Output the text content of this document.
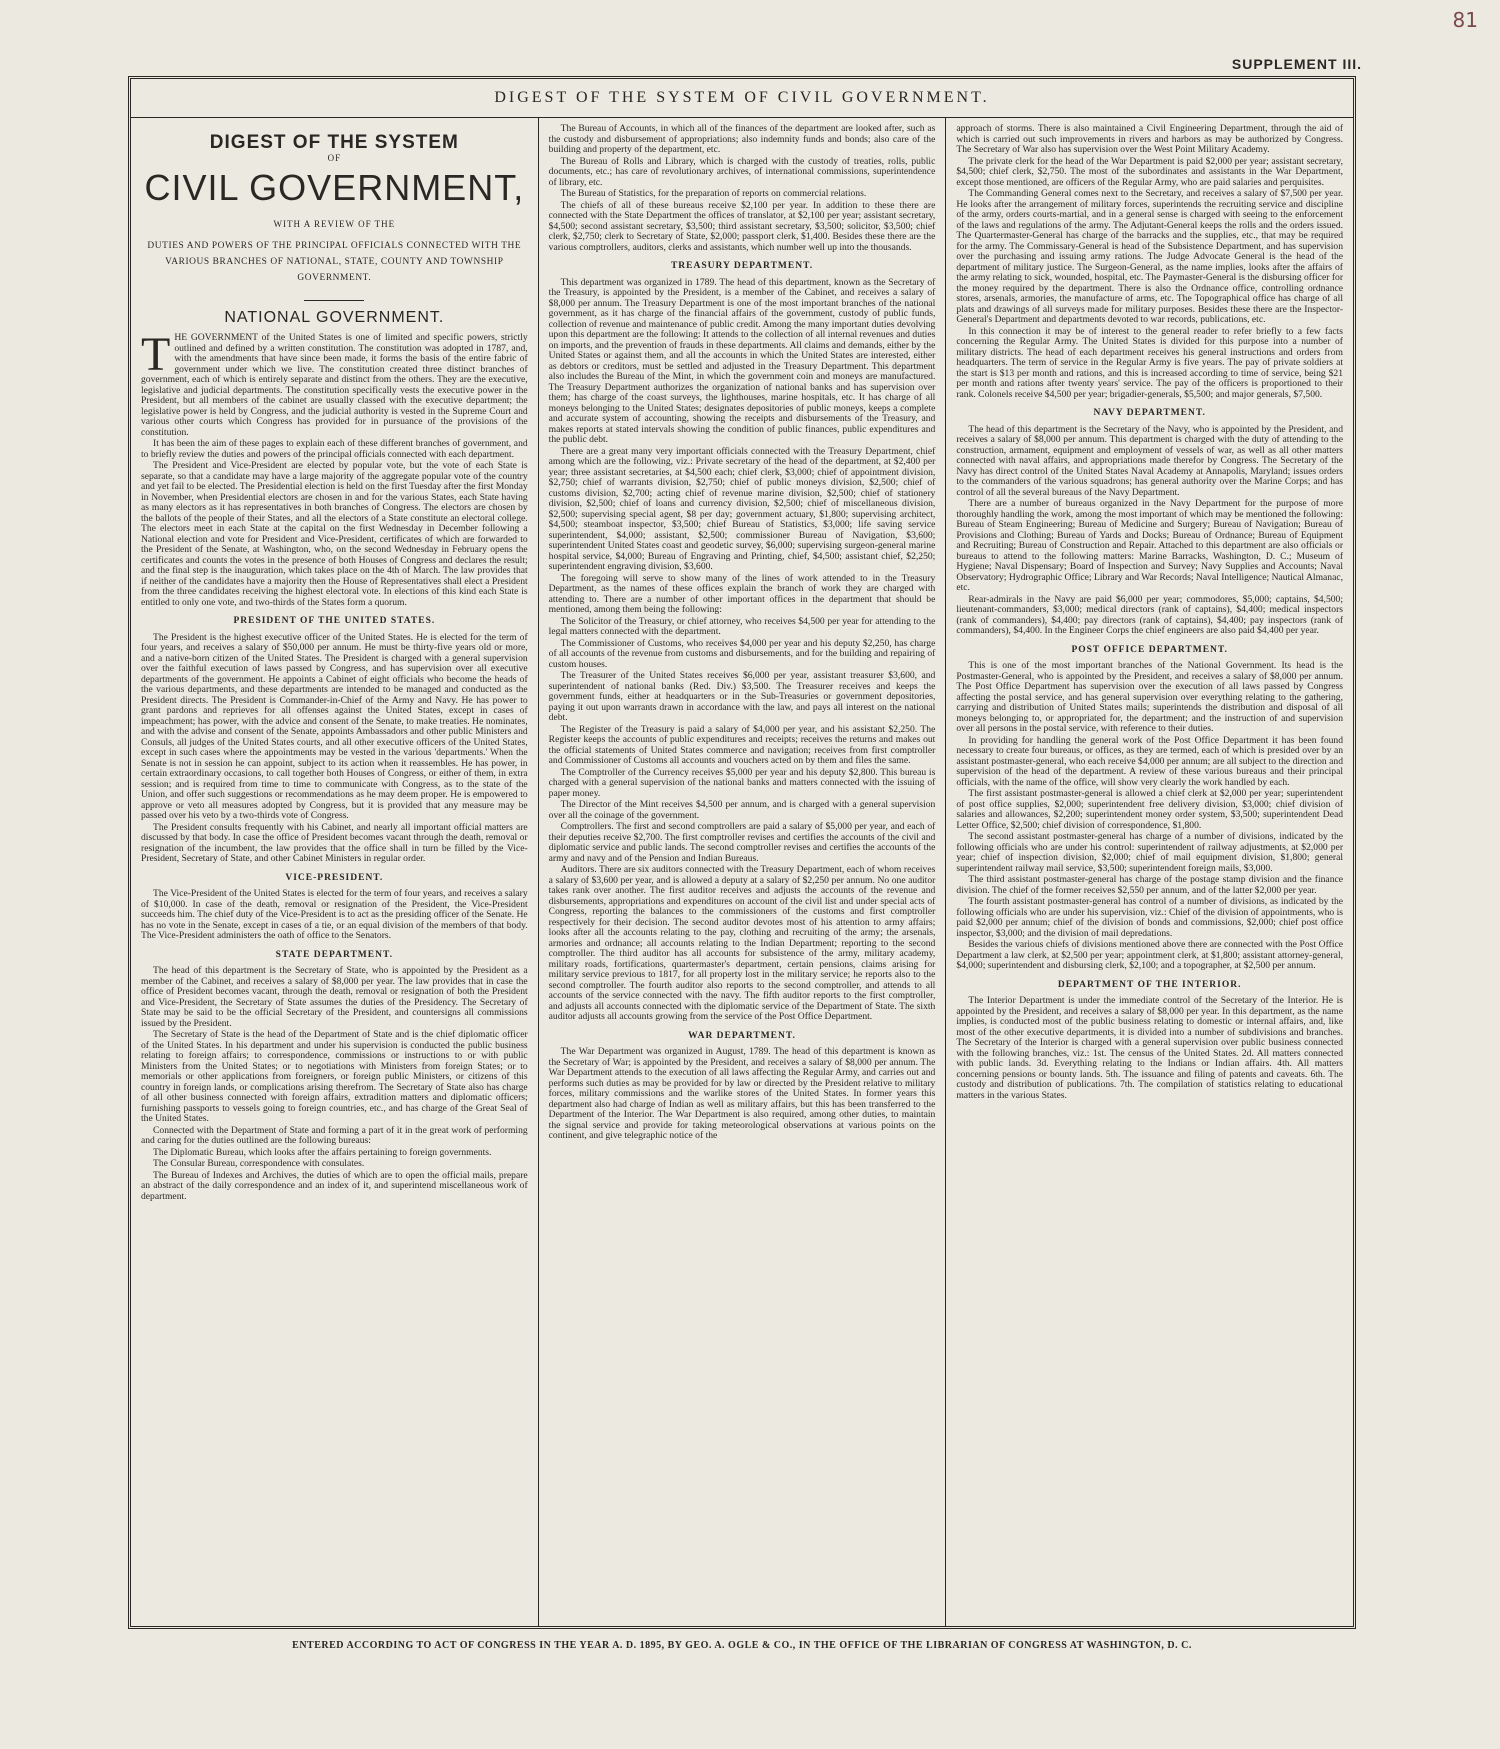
81
SUPPLEMENT III.
DIGEST OF THE SYSTEM OF CIVIL GOVERNMENT.
DIGEST OF THE SYSTEM
OF
CIVIL GOVERNMENT,
WITH A REVIEW OF THE
DUTIES AND POWERS OF THE PRINCIPAL OFFICIALS CONNECTED WITH THE VARIOUS BRANCHES OF NATIONAL, STATE, COUNTY AND TOWNSHIP GOVERNMENT.
NATIONAL GOVERNMENT.

THE GOVERNMENT of the United States is one of limited and specific powers, strictly outlined and defined by a written constitution. The constitution was adopted in 1787, and, with the amendments that have since been made, it forms the basis of the entire fabric of government under which we live. The constitution created three distinct branches of government, each of which is entirely separate and distinct from the others. They are the executive, legislative and judicial departments. The constitution specifically vests the executive power in the President, but all members of the cabinet are usually classed with the executive department; the legislative power is held by Congress, and the judicial authority is vested in the Supreme Court and various other courts which Congress has provided for in pursuance of the provisions of the constitution.

It has been the aim of these pages to explain each of these different branches of government, and to briefly review the duties and powers of the principal officials connected with each department.

The President and Vice-President are elected by popular vote, but the vote of each State is separate, so that a candidate may have a large majority of the aggregate popular vote of the country and yet fail to be elected. The Presidential election is held on the first Tuesday after the first Monday in November, when Presidential electors are chosen in and for the various States, each State having as many electors as it has representatives in both branches of Congress. The electors are chosen by the ballots of the people of their States, and all the electors of a State constitute an electoral college. The electors meet in each State at the capital on the first Wednesday in December following a National election and vote for President and Vice-President, certificates of which are forwarded to the President of the Senate, at Washington, who, on the second Wednesday in February opens the certificates and counts the votes in the presence of both Houses of Congress and declares the result; and the final step is the inauguration, which takes place on the 4th of March. The law provides that if neither of the candidates have a majority then the House of Representatives shall elect a President from the three candidates receiving the highest electoral vote. In elections of this kind each State is entitled to only one vote, and two-thirds of the States form a quorum.

PRESIDENT OF THE UNITED STATES.

The President is the highest executive officer of the United States. He is elected for the term of four years, and receives a salary of $50,000 per annum. He must be thirty-five years old or more, and a native-born citizen of the United States. The President is charged with a general supervision over the faithful execution of laws passed by Congress, and has supervision over all executive departments of the government. He appoints a Cabinet of eight officials who become the heads of the various departments, and these departments are intended to be managed and conducted as the President directs. The President is Commander-in-Chief of the Army and Navy. He has power to grant pardons and reprieves for all offenses against the United States, except in cases of impeachment; has power, with the advice and consent of the Senate, to make treaties. He nominates, and with the advise and consent of the Senate, appoints Ambassadors and other public Ministers and Consuls, all judges of the United States courts, and all other executive officers of the United States, except in such cases where the appointments may be vested in the various 'departments.' When the Senate is not in session he can appoint, subject to its action when it reassembles. He has power, in certain extraordinary occasions, to call together both Houses of Congress, or either of them, in extra session; and is required from time to time to communicate with Congress, as to the state of the Union, and offer such suggestions or recommendations as he may deem proper. He is empowered to approve or veto all measures adopted by Congress, but it is provided that any measure may be passed over his veto by a two-thirds vote of Congress.

The President consults frequently with his Cabinet, and nearly all important official matters are discussed by that body. In case the office of President becomes vacant through the death, removal or resignation of the incumbent, the law provides that the office shall in turn be filled by the Vice-President, Secretary of State, and other Cabinet Ministers in regular order.

VICE-PRESIDENT.

The Vice-President of the United States is elected for the term of four years, and receives a salary of $10,000. In case of the death, removal or resignation of the President, the Vice-President succeeds him. The chief duty of the Vice-President is to act as the presiding officer of the Senate. He has no vote in the Senate, except in cases of a tie, or an equal division of the members of that body. The Vice-President administers the oath of office to the Senators.

STATE DEPARTMENT.

The head of this department is the Secretary of State, who is appointed by the President as a member of the Cabinet, and receives a salary of $8,000 per year. The law provides that in case the office of President becomes vacant, through the death, removal or resignation of both the President and Vice-President, the Secretary of State assumes the duties of the Presidency. The Secretary of State may be said to be the official Secretary of the President, and countersigns all commissions issued by the President.

The Secretary of State is the head of the Department of State and is the chief diplomatic officer of the United States. In his department and under his supervision is conducted the public business relating to foreign affairs; to correspondence, commissions or instructions to or with public Ministers from the United States; or to negotiations with Ministers from foreign States; or to memorials or other applications from foreigners, or foreign public Ministers, or citizens of this country in foreign lands, or complications arising therefrom. The Secretary of State also has charge of all other business connected with foreign affairs, extradition matters and diplomatic officers; furnishing passports to vessels going to foreign countries, etc., and has charge of the Great Seal of the United States.

Connected with the Department of State and forming a part of it in the great work of performing and caring for the duties outlined are the following bureaus:

The Diplomatic Bureau, which looks after the affairs pertaining to foreign governments.

The Consular Bureau, correspondence with consulates.

The Bureau of Indexes and Archives, the duties of which are to open the official mails, prepare an abstract of the daily correspondence and an index of it, and superintend miscellaneous work of department.

The Bureau of Accounts, in which all of the finances of the department are looked after, such as the custody and disbursement of appropriations; also indemnity funds and bonds; also care of the building and property of the department, etc.

The Bureau of Rolls and Library, which is charged with the custody of treaties, rolls, public documents, etc.; has care of revolutionary archives, of international commissions, superintendence of library, etc.

The Bureau of Statistics, for the preparation of reports on commercial relations.

The chiefs of all of these bureaus receive $2,100 per year. In addition to these there are connected with the State Department the offices of translator, at $2,100 per year; assistant secretary, $4,500; second assistant secretary, $3,500; third assistant secretary, $3,500; solicitor, $3,500; chief clerk, $2,750; clerk to Secretary of State, $2,000; passport clerk, $1,400. Besides these there are the various comptrollers, auditors, clerks and assistants, which number well up into the thousands.

TREASURY DEPARTMENT.

This department was organized in 1789. The head of this department, known as the Secretary of the Treasury, is appointed by the President, is a member of the Cabinet, and receives a salary of $8,000 per annum. The Treasury Department is one of the most important branches of the national government, as it has charge of the financial affairs of the government, custody of public funds, collection of revenue and maintenance of public credit. Among the many important duties devolving upon this department are the following: It attends to the collection of all internal revenues and duties on imports, and the prevention of frauds in these departments. All claims and demands, either by the United States or against them, and all the accounts in which the United States are interested, either as debtors or creditors, must be settled and adjusted in the Treasury Department. This department also includes the Bureau of the Mint, in which the government coin and moneys are manufactured. The Treasury Department authorizes the organization of national banks and has supervision over them; has charge of the coast surveys, the lighthouses, marine hospitals, etc. It has charge of all moneys belonging to the United States; designates depositories of public moneys, keeps a complete and accurate system of accounting, showing the receipts and disbursements of the Treasury, and makes reports at stated intervals showing the condition of public finances, public expenditures and the public debt.

There are a great many very important officials connected with the Treasury Department, chief among which are the following, viz.: Private secretary of the head of the department, at $2,400 per year; three assistant secretaries, at $4,500 each; chief clerk, $3,000; chief of appointment division, $2,750; chief of warrants division, $2,750; chief of public moneys division, $2,500; chief of customs division, $2,700; acting chief of revenue marine division, $2,500; chief of stationery division, $2,500; chief of loans and currency division, $2,500; chief of miscellaneous division, $2,500; supervising special agent, $8 per day; government actuary, $1,800; supervising architect, $4,500; steamboat inspector, $3,500; chief Bureau of Statistics, $3,000; life saving service superintendent, $4,000; assistant, $2,500; commissioner Bureau of Navigation, $3,600; superintendent United States coast and geodetic survey, $6,000; supervising surgeon-general marine hospital service, $4,000; Bureau of Engraving and Printing, chief, $4,500; assistant chief, $2,250; superintendent engraving division, $3,600.

The foregoing will serve to show many of the lines of work attended to in the Treasury Department, as the names of these offices explain the branch of work they are charged with attending to. There are a number of other important offices in the department that should be mentioned, among them being the following:

The Solicitor of the Treasury, or chief attorney, who receives $4,500 per year for attending to the legal matters connected with the department.

The Commissioner of Customs, who receives $4,000 per year and his deputy $2,250, has charge of all accounts of the revenue from customs and disbursements, and for the building and repairing of custom houses.

The Treasurer of the United States receives $6,000 per year, assistant treasurer $3,600, and superintendent of national banks (Red. Div.) $3,500. The Treasurer receives and keeps the government funds, either at headquarters or in the Sub-Treasuries or government depositories, paying it out upon warrants drawn in accordance with the law, and pays all interest on the national debt.

The Register of the Treasury is paid a salary of $4,000 per year, and his assistant $2,250. The Register keeps the accounts of public expenditures and receipts; receives the returns and makes out the official statements of United States commerce and navigation; receives from first comptroller and Commissioner of Customs all accounts and vouchers acted on by them and files the same.

The Comptroller of the Currency receives $5,000 per year and his deputy $2,800. This bureau is charged with a general supervision of the national banks and matters connected with the issuing of paper money.

The Director of the Mint receives $4,500 per annum, and is charged with a general supervision over all the coinage of the government.

Comptrollers. The first and second comptrollers are paid a salary of $5,000 per year, and each of their deputies receive $2,700. The first comptroller revises and certifies the accounts of the civil and diplomatic service and public lands. The second comptroller revises and certifies the accounts of the army and navy and of the Pension and Indian Bureaus.

Auditors. There are six auditors connected with the Treasury Department, each of whom receives a salary of $3,600 per year, and is allowed a deputy at a salary of $2,250 per annum. No one auditor takes rank over another. The first auditor receives and adjusts the accounts of the revenue and disbursements, appropriations and expenditures on account of the civil list and under special acts of Congress, reporting the balances to the commissioners of the customs and first comptroller respectively for their decision. The second auditor devotes most of his attention to army affairs; looks after all the accounts relating to the pay, clothing and recruiting of the army; the arsenals, armories and ordnance; all accounts relating to the Indian Department; reporting to the second comptroller. The third auditor has all accounts for subsistence of the army, military academy, military roads, fortifications, quartermaster's department, certain pensions, claims arising for military service previous to 1817, for all property lost in the military service; he reports also to the second comptroller. The fourth auditor also reports to the second comptroller, and attends to all accounts of the service connected with the navy. The fifth auditor reports to the first comptroller, and adjusts all accounts connected with the diplomatic service of the Department of State. The sixth auditor adjusts all accounts growing from the service of the Post Office Department.

WAR DEPARTMENT.

The War Department was organized in August, 1789. The head of this department is known as the Secretary of War; is appointed by the President, and receives a salary of $8,000 per annum. The War Department attends to the execution of all laws affecting the Regular Army, and carries out and performs such duties as may be provided for by law or directed by the President relative to military forces, military commissions and the warlike stores of the United States. In former years this department also had charge of Indian as well as military affairs, but this has been transferred to the Department of the Interior. The War Department is also required, among other duties, to maintain the signal service and provide for taking meteorological observations at various points on the continent, and give telegraphic notice of the

approach of storms. There is also maintained a Civil Engineering Department, through the aid of which is carried out such improvements in rivers and harbors as may be authorized by Congress. The Secretary of War also has supervision over the West Point Military Academy.

The private clerk for the head of the War Department is paid $2,000 per year; assistant secretary, $4,500; chief clerk, $2,750. The most of the subordinates and assistants in the War Department, except those mentioned, are officers of the Regular Army, who are paid salaries and perquisites.

The Commanding General comes next to the Secretary, and receives a salary of $7,500 per year. He looks after the arrangement of military forces, superintends the recruiting service and discipline of the army, orders courts-martial, and in a general sense is charged with seeing to the enforcement of the laws and regulations of the army. The Adjutant-General keeps the rolls and the orders issued. The Quartermaster-General has charge of the barracks and the supplies, etc., that may be required for the army. The Commissary-General is head of the Subsistence Department, and has supervision over the purchasing and issuing army rations. The Judge Advocate General is the head of the department of military justice. The Surgeon-General, as the name implies, looks after the affairs of the army relating to sick, wounded, hospital, etc. The Paymaster-General is the disbursing officer for the money required by the department. There is also the Ordnance office, controlling ordnance stores, arsenals, armories, the manufacture of arms, etc. The Topographical office has charge of all plats and drawings of all surveys made for military purposes. Besides these there are the Inspector-General's Department and departments devoted to war records, publications, etc.

In this connection it may be of interest to the general reader to refer briefly to a few facts concerning the Regular Army. The United States is divided for this purpose into a number of military districts. The head of each department receives his general instructions and orders from headquarters. The term of service in the Regular Army is five years. The pay of private soldiers at the start is $13 per month and rations, and this is increased according to time of service, being $21 per month and rations after twenty years' service. The pay of the officers is proportioned to their rank. Colonels receive $4,500 per year; brigadier-generals, $5,500; and major generals, $7,500.

NAVY DEPARTMENT.

The head of this department is the Secretary of the Navy, who is appointed by the President, and receives a salary of $8,000 per annum. This department is charged with the duty of attending to the construction, armament, equipment and employment of vessels of war, as well as all other matters connected with naval affairs, and appropriations made therefor by Congress. The Secretary of the Navy has direct control of the United States Naval Academy at Annapolis, Maryland; issues orders to the commanders of the various squadrons; has general authority over the Marine Corps; and has control of all the several bureaus of the Navy Department.

There are a number of bureaus organized in the Navy Department for the purpose of more thoroughly handling the work, among the most important of which may be mentioned the following: Bureau of Steam Engineering; Bureau of Medicine and Surgery; Bureau of Navigation; Bureau of Provisions and Clothing; Bureau of Yards and Docks; Bureau of Ordnance; Bureau of Equipment and Recruiting; Bureau of Construction and Repair. Attached to this department are also officials or bureaus to attend to the following matters: Marine Barracks, Washington, D. C.; Museum of Hygiene; Naval Dispensary; Board of Inspection and Survey; Navy Supplies and Accounts; Naval Observatory; Hydrographic Office; Library and War Records; Naval Intelligence; Nautical Almanac, etc.

Rear-admirals in the Navy are paid $6,000 per year; commodores, $5,000; captains, $4,500; lieutenant-commanders, $3,000; medical directors (rank of captains), $4,400; medical inspectors (rank of commanders), $4,400; pay directors (rank of captains), $4,400; pay inspectors (rank of commanders), $4,400. In the Engineer Corps the chief engineers are also paid $4,400 per year.

POST OFFICE DEPARTMENT.

This is one of the most important branches of the National Government. Its head is the Postmaster-General, who is appointed by the President, and receives a salary of $8,000 per annum. The Post Office Department has supervision over the execution of all laws passed by Congress affecting the postal service, and has general supervision over everything relating to the gathering, carrying and distribution of United States mails; superintends the distribution and disposal of all moneys belonging to, or appropriated for, the department; and the instruction of and supervision over all persons in the postal service, with reference to their duties.

In providing for handling the general work of the Post Office Department it has been found necessary to create four bureaus, or offices, as they are termed, each of which is presided over by an assistant postmaster-general, who each receive $4,000 per annum; are all subject to the direction and supervision of the head of the department. A review of these various bureaus and their principal officials, with the name of the office, will show very clearly the work handled by each.

The first assistant postmaster-general is allowed a chief clerk at $2,000 per year; superintendent of post office supplies, $2,000; superintendent free delivery division, $3,000; chief division of salaries and allowances, $2,200; superintendent money order system, $3,500; superintendent Dead Letter Office, $2,500; chief division of correspondence, $1,800.

The second assistant postmaster-general has charge of a number of divisions, indicated by the following officials who are under his control: superintendent of railway adjustments, at $2,000 per year; chief of inspection division, $2,000; chief of mail equipment division, $1,800; general superintendent railway mail service, $3,500; superintendent foreign mails, $3,000.

The third assistant postmaster-general has charge of the postage stamp division and the finance division. The chief of the former receives $2,550 per annum, and of the latter $2,000 per year.

The fourth assistant postmaster-general has control of a number of divisions, as indicated by the following officials who are under his supervision, viz.: Chief of the division of appointments, who is paid $2,000 per annum; chief of the division of bonds and commissions, $2,000; chief post office inspector, $3,000; and the division of mail depredations.

Besides the various chiefs of divisions mentioned above there are connected with the Post Office Department a law clerk, at $2,500 per year; appointment clerk, at $1,800; assistant attorney-general, $4,000; superintendent and disbursing clerk, $2,100; and a topographer, at $2,500 per annum.

DEPARTMENT OF THE INTERIOR.

The Interior Department is under the immediate control of the Secretary of the Interior. He is appointed by the President, and receives a salary of $8,000 per year. In this department, as the name implies, is conducted most of the public business relating to domestic or internal affairs, and, like most of the other executive departments, it is divided into a number of subdivisions and branches. The Secretary of the Interior is charged with a general supervision over public business connected with the following branches, viz.: 1st. The census of the United States. 2d. All matters connected with public lands. 3d. Everything relating to the Indians or Indian affairs. 4th. All matters concerning pensions or bounty lands. 5th. The issuance and filing of patents and caveats. 6th. The custody and distribution of publications. 7th. The compilation of statistics relating to educational matters in the various States.

ENTERED ACCORDING TO ACT OF CONGRESS IN THE YEAR A. D. 1895, BY GEO. A. OGLE & CO., IN THE OFFICE OF THE LIBRARIAN OF CONGRESS AT WASHINGTON, D. C.
